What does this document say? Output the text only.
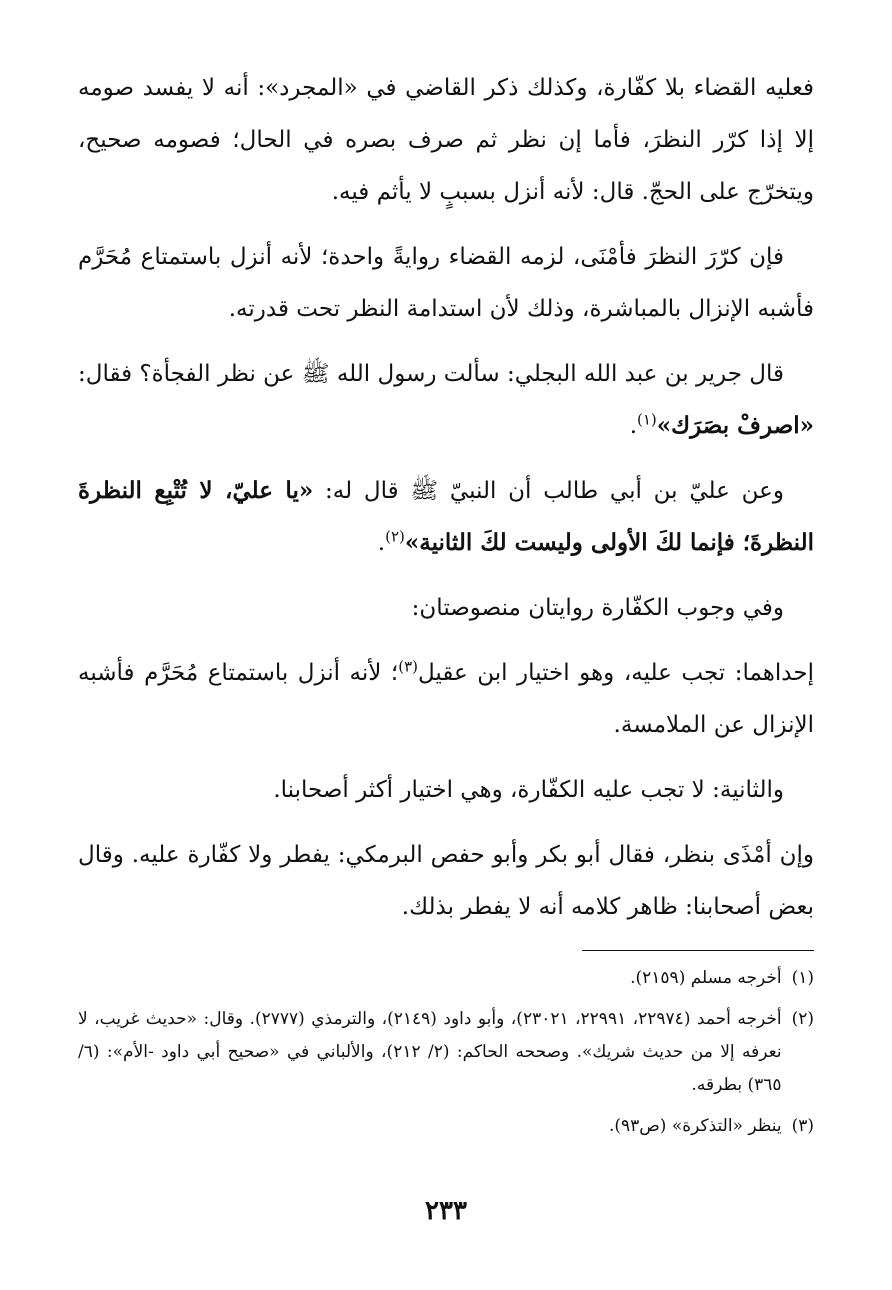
فعليه القضاء بلا كفّارة، وكذلك ذكر القاضي في «المجرد»: أنه لا يفسد صومه إلا إذا كرّر النظرَ، فأما إن نظر ثم صرف بصره في الحال؛ فصومه صحيح، ويتخرّج على الحجّ. قال: لأنه أنزل بسببٍ لا يأثم فيه.

فإن كرّرَ النظرَ فأمْنَى، لزمه القضاء روايةً واحدة؛ لأنه أنزل باستمتاع مُحَرَّم فأشبه الإنزال بالمباشرة، وذلك لأن استدامة النظر تحت قدرته.

قال جرير بن عبد الله البجلي: سألت رسول الله ﷺ عن نظر الفجأة؟ فقال: «اصرفْ بصَرَك»$^{(١)}$.

وعن عليّ بن أبي طالب أن النبيّ ﷺ قال له: «يا عليّ، لا تُتْبِع النظرةَ النظرةَ؛ فإنما لكَ الأولى وليست لكَ الثانية»$^{(٢)}$.

وفي وجوب الكفّارة روايتان منصوصتان:

إحداهما: تجب عليه، وهو اختيار ابن عقيل$^{(٣)}$؛ لأنه أنزل باستمتاع مُحَرَّم فأشبه الإنزال عن الملامسة.

والثانية: لا تجب عليه الكفّارة، وهي اختيار أكثر أصحابنا.

وإن أمْذَى بنظر، فقال أبو بكر وأبو حفص البرمكي: يفطر ولا كفّارة عليه. وقال بعض أصحابنا: ظاهر كلامه أنه لا يفطر بذلك.

(١)
أخرجه مسلم (٢١٥٩).
(٢)
أخرجه أحمد (٢٢٩٧٤، ٢٢٩٩١، ٢٣٠٢١)، وأبو داود (٢١٤٩)، والترمذي (٢٧٧٧). وقال: «حديث غريب، لا نعرفه إلا من حديث شريك». وصححه الحاكم: (٢/ ٢١٢)، والألباني في «صحيح أبي داود -الأم»: (٦/ ٣٦٥) بطرقه.
(٣)
ينظر «التذكرة» (ص٩٣).
٢٣٣
